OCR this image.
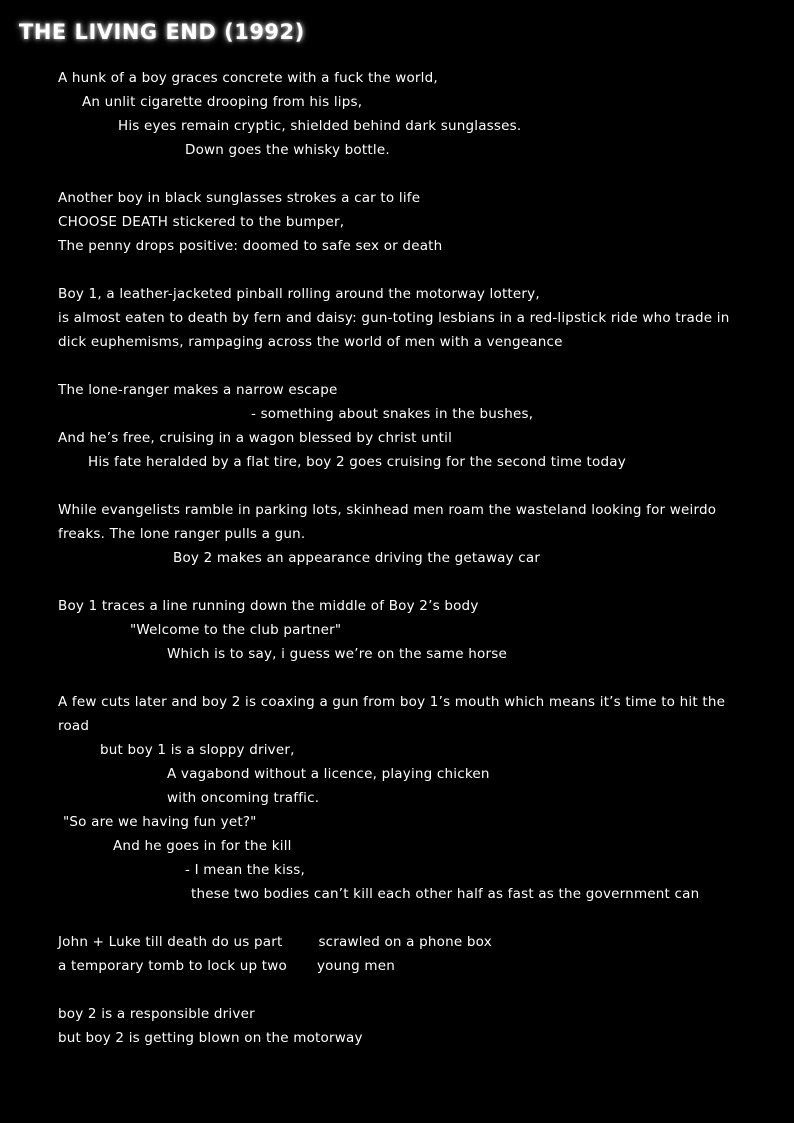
THE LIVING END (1992)
A hunk of a boy graces concrete with a fuck the world,
An unlit cigarette drooping from his lips,
His eyes remain cryptic, shielded behind dark sunglasses.
Down goes the whisky bottle.
Another boy in black sunglasses strokes a car to life
CHOOSE DEATH stickered to the bumper,
The penny drops positive: doomed to safe sex or death
Boy 1, a leather-jacketed pinball rolling around the motorway lottery,
is almost eaten to death by fern and daisy: gun-toting lesbians in a red-lipstick ride who trade in dick euphemisms, rampaging across the world of men with a vengeance
The lone-ranger makes a narrow escape
- something about snakes in the bushes,
And he’s free, cruising in a wagon blessed by christ until
His fate heralded by a flat tire, boy 2 goes cruising for the second time today
While evangelists ramble in parking lots, skinhead men roam the wasteland looking for weirdo freaks. The lone ranger pulls a gun.
Boy 2 makes an appearance driving the getaway car
Boy 1 traces a line running down the middle of Boy 2’s body
"Welcome to the club partner"
Which is to say, i guess we’re on the same horse
A few cuts later and boy 2 is coaxing a gun from boy 1’s mouth which means it’s time to hit the road
but boy 1 is a sloppy driver,
A vagabond without a licence, playing chicken
with oncoming traffic.
"So are we having fun yet?"
And he goes in for the kill
- I mean the kiss,
these two bodies can’t kill each other half as fast as the government can
John + Luke till death do us part	scrawled on a phone box
a temporary tomb to lock up two young men
boy 2 is a responsible driver
but boy 2 is getting blown on the motorway
